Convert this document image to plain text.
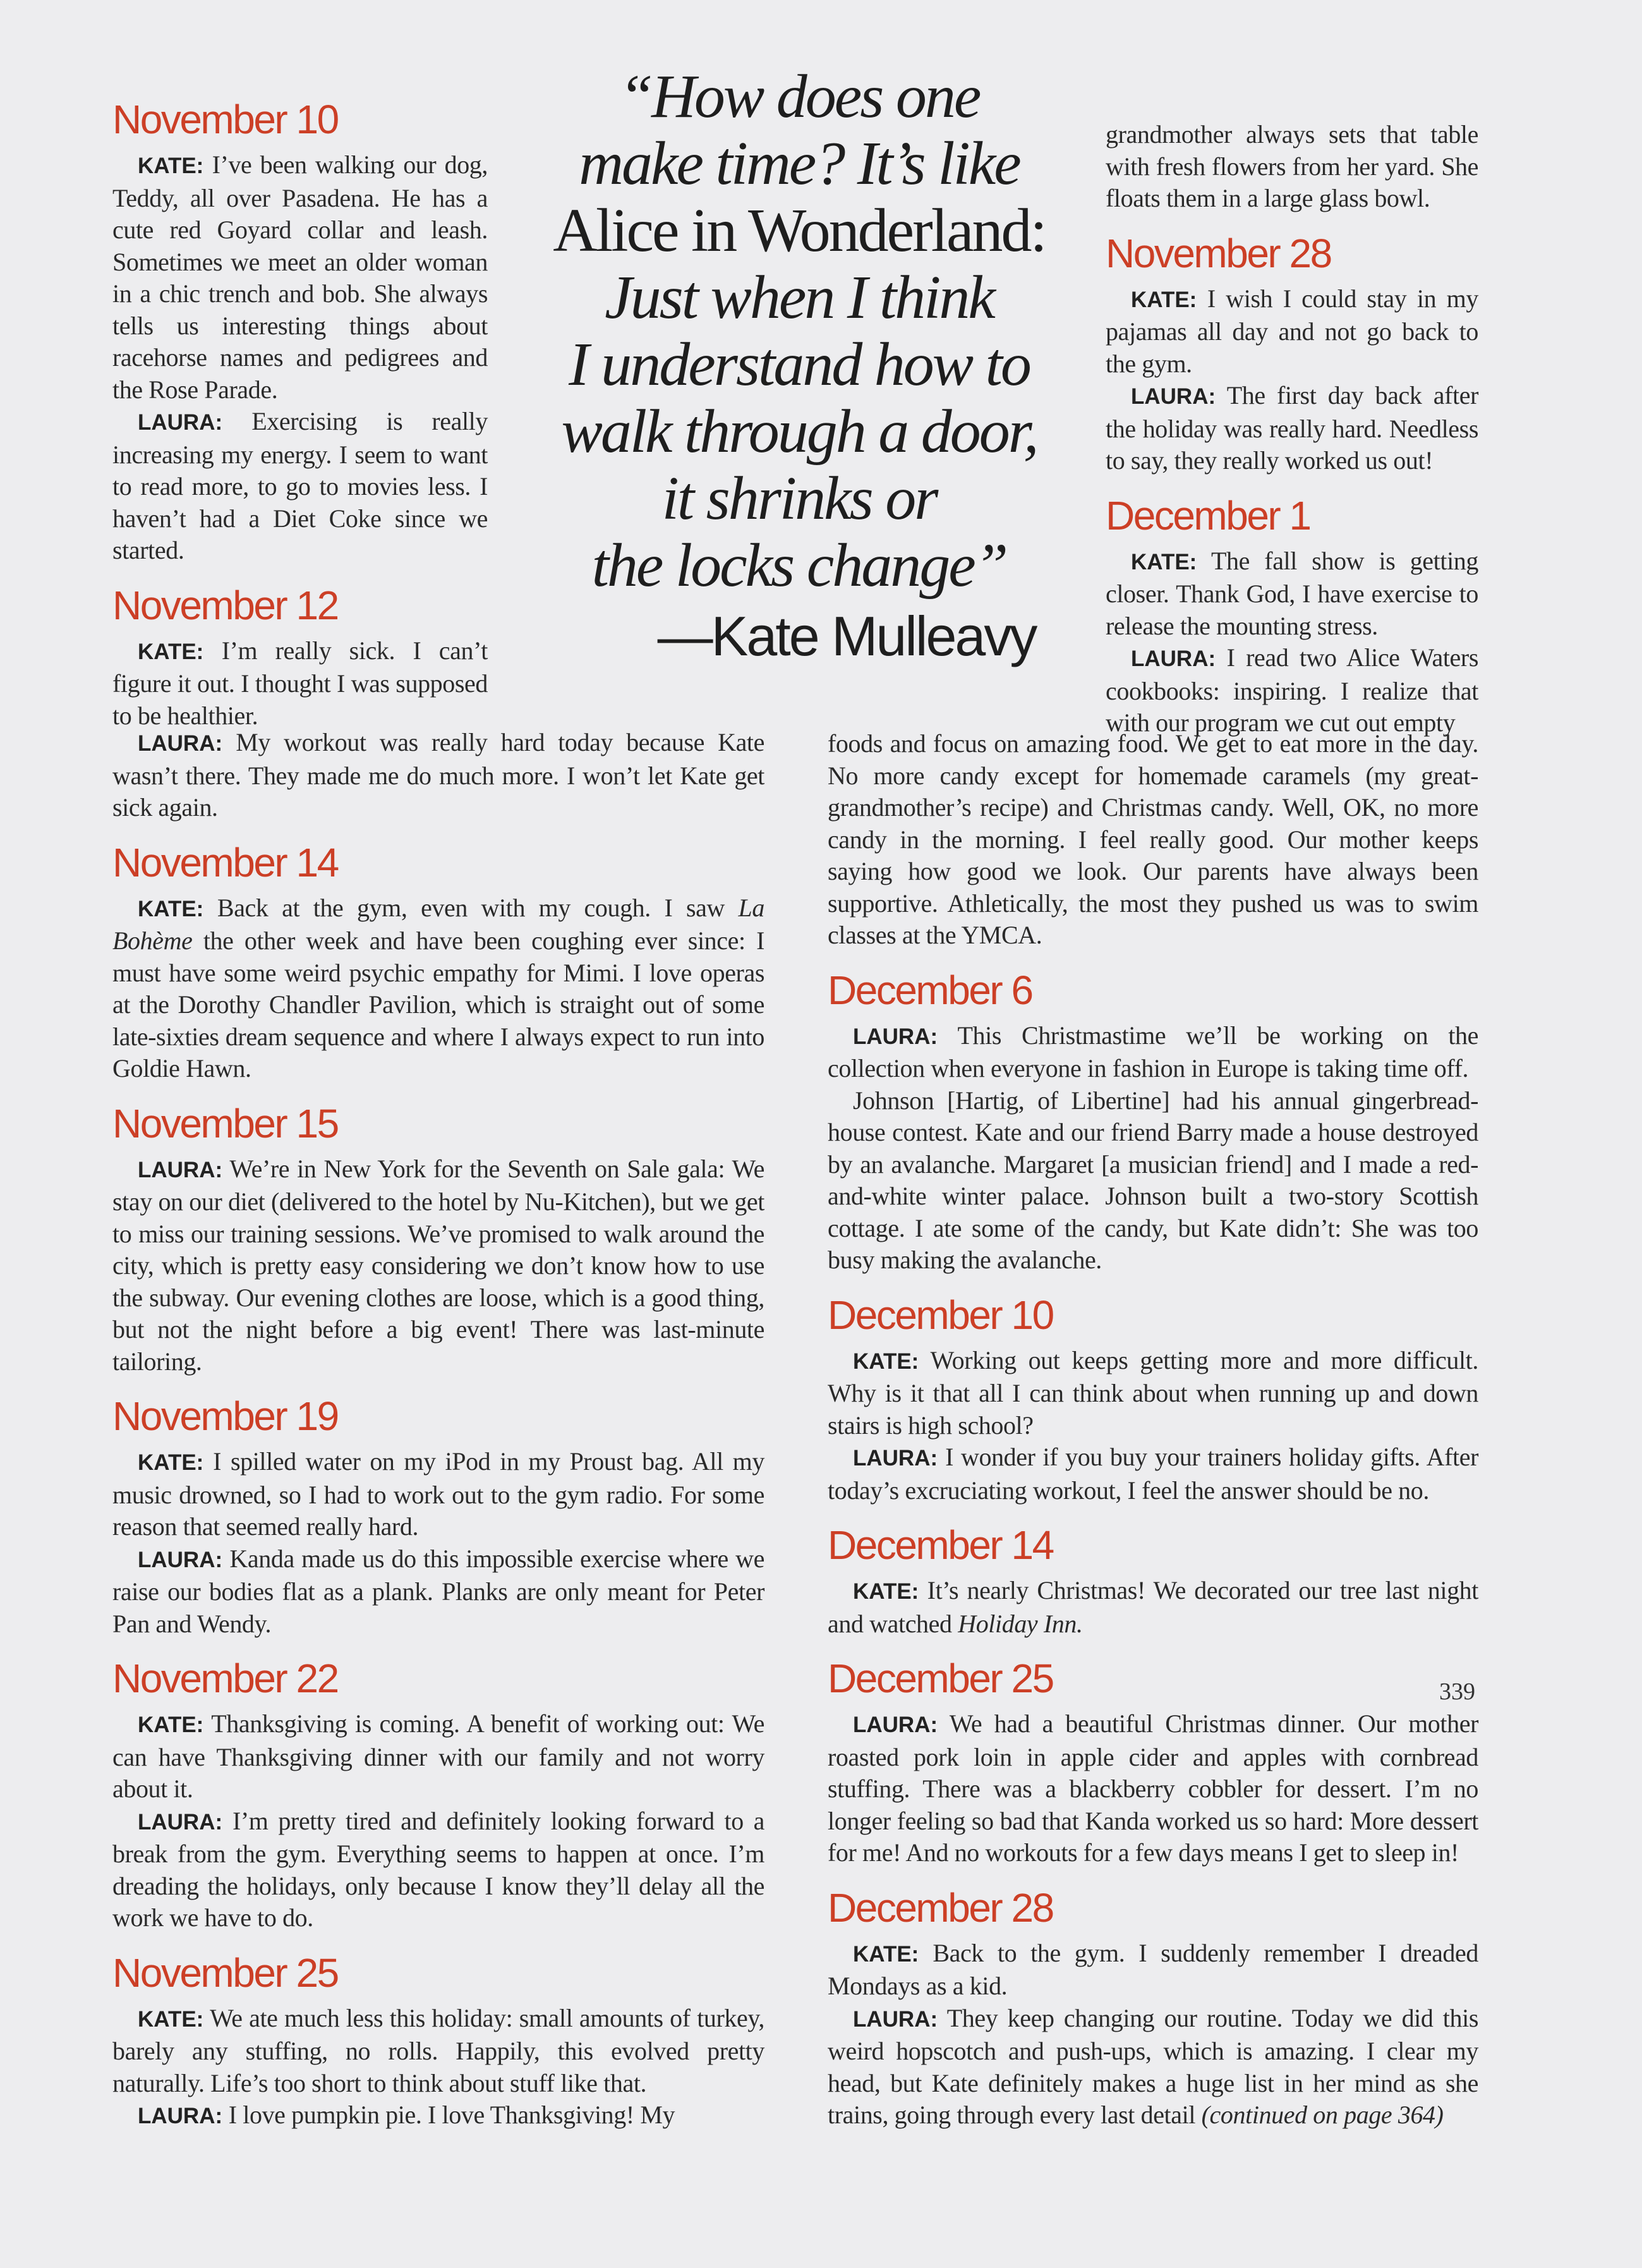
“How does one
make time? It’s like
Alice in Wonderland:
Just when I think
I understand how to
walk through a door,
it shrinks or
the locks change”
—Kate Mulleavy
November 10

KATE: I’ve been walking our dog, Teddy, all over Pasadena. He has a cute red Goyard collar and leash. Sometimes we meet an older woman in a chic trench and bob. She always tells us interesting things about racehorse names and pedigrees and the Rose Parade.

LAURA: Exercising is really increasing my energy. I seem to want to read more, to go to movies less. I haven’t had a Diet Coke since we started.

November 12

KATE: I’m really sick. I can’t figure it out. I thought I was supposed to be healthier.

LAURA: My workout was really hard today because Kate wasn’t there. They made me do much more. I won’t let Kate get sick again.

November 14

KATE: Back at the gym, even with my cough. I saw La Bohème the other week and have been coughing ever since: I must have some weird psychic empathy for Mimi. I love operas at the Dorothy Chandler Pavilion, which is straight out of some late-sixties dream sequence and where I always expect to run into Goldie Hawn.

November 15

LAURA: We’re in New York for the Seventh on Sale gala: We stay on our diet (delivered to the hotel by Nu-Kitchen), but we get to miss our training sessions. We’ve promised to walk around the city, which is pretty easy considering we don’t know how to use the subway. Our evening clothes are loose, which is a good thing, but not the night before a big event! There was last-minute tailoring.

November 19

KATE: I spilled water on my iPod in my Proust bag. All my music drowned, so I had to work out to the gym radio. For some reason that seemed really hard.

LAURA: Kanda made us do this impossible exercise where we raise our bodies flat as a plank. Planks are only meant for Peter Pan and Wendy.

November 22

KATE: Thanksgiving is coming. A benefit of working out: We can have Thanksgiving dinner with our family and not worry about it.

LAURA: I’m pretty tired and definitely looking forward to a break from the gym. Everything seems to happen at once. I’m dreading the holidays, only because I know they’ll delay all the work we have to do.

November 25

KATE: We ate much less this holiday: small amounts of turkey, barely any stuffing, no rolls. Happily, this evolved pretty naturally. Life’s too short to think about stuff like that.

LAURA: I love pumpkin pie. I love Thanksgiving! My

grandmother always sets that table with fresh flowers from her yard. She floats them in a large glass bowl.

November 28

KATE: I wish I could stay in my pajamas all day and not go back to the gym.

LAURA: The first day back after the holiday was really hard. Needless to say, they really worked us out!

December 1

KATE: The fall show is getting closer. Thank God, I have exercise to release the mounting stress.

LAURA: I read two Alice Waters cookbooks: inspiring. I realize that with our program we cut out empty

foods and focus on amazing food. We get to eat more in the day. No more candy except for homemade caramels (my great-grandmother’s recipe) and Christmas candy. Well, OK, no more candy in the morning. I feel really good. Our mother keeps saying how good we look. Our parents have always been supportive. Athletically, the most they pushed us was to swim classes at the YMCA.

December 6

LAURA: This Christmastime we’ll be working on the collection when everyone in fashion in Europe is taking time off.

Johnson [Hartig, of Libertine] had his annual gingerbread-house contest. Kate and our friend Barry made a house destroyed by an avalanche. Margaret [a musician friend] and I made a red-and-white winter palace. Johnson built a two-story Scottish cottage. I ate some of the candy, but Kate didn’t: She was too busy making the avalanche.

December 10

KATE: Working out keeps getting more and more difficult. Why is it that all I can think about when running up and down stairs is high school?

LAURA: I wonder if you buy your trainers holiday gifts. After today’s excruciating workout, I feel the answer should be no.

December 14

KATE: It’s nearly Christmas! We decorated our tree last night and watched Holiday Inn.

December 25

LAURA: We had a beautiful Christmas dinner. Our mother roasted pork loin in apple cider and apples with cornbread stuffing. There was a blackberry cobbler for dessert. I’m no longer feeling so bad that Kanda worked us so hard: More dessert for me! And no workouts for a few days means I get to sleep in!

December 28

KATE: Back to the gym. I suddenly remember I dreaded Mondays as a kid.

LAURA: They keep changing our routine. Today we did this weird hopscotch and push-ups, which is amazing. I clear my head, but Kate definitely makes a huge list in her mind as she trains, going through every last detail (continued on page 364)

339
